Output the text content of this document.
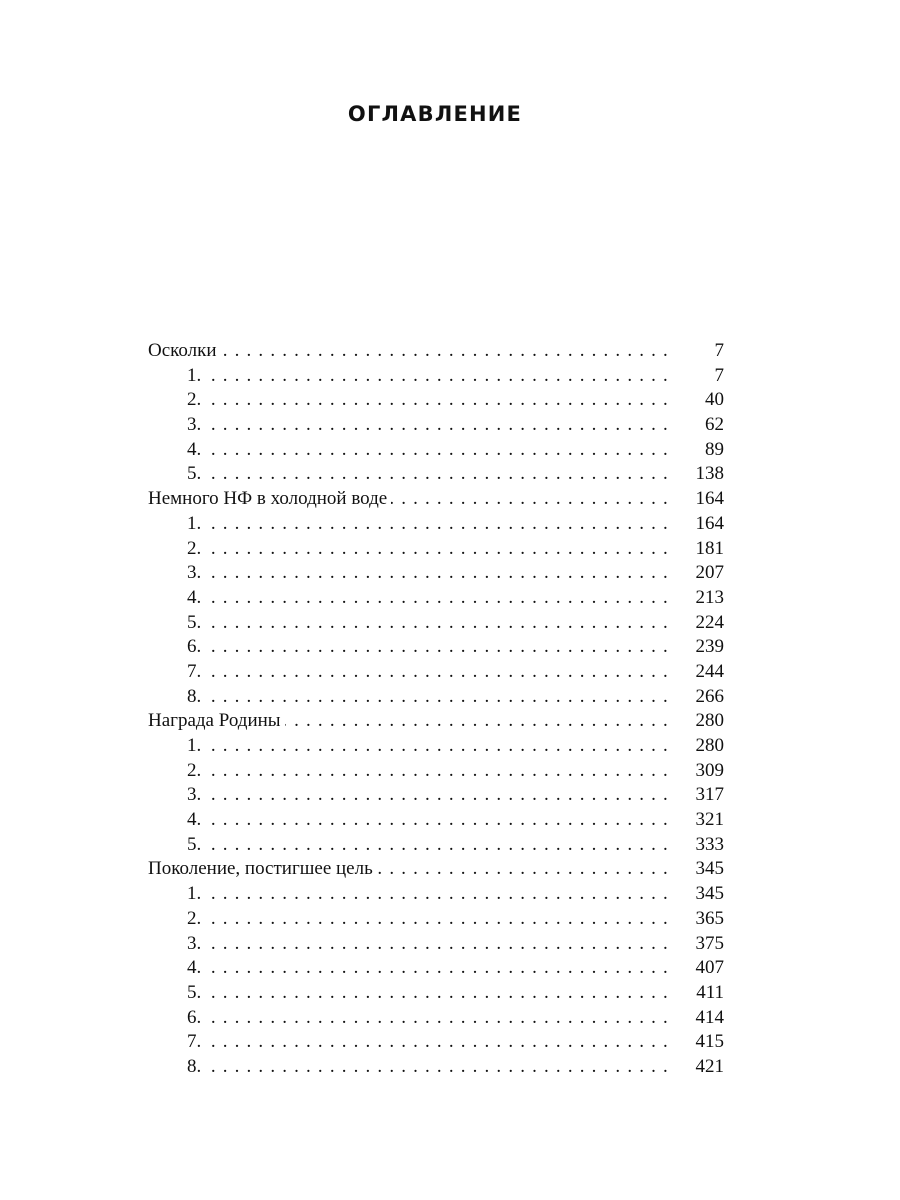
ОГЛАВЛЕНИЕ
Осколки . . .	7
1. . . .	7
2. . . .	40
3. . . .	62
4. . . .	89
5. . . .	138
Немного НФ в холодной воде . . .	164
1. . . .	164
2. . . .	181
3. . . .	207
4. . . .	213
5. . . .	224
6. . . .	239
7. . . .	244
8. . . .	266
Награда Родины . . .	280
1. . . .	280
2. . . .	309
3. . . .	317
4. . . .	321
5. . . .	333
Поколение, постигшее цель . . .	345
1. . . .	345
2. . . .	365
3. . . .	375
4. . . .	407
5. . . .	411
6. . . .	414
7. . . .	415
8. . . .	421
